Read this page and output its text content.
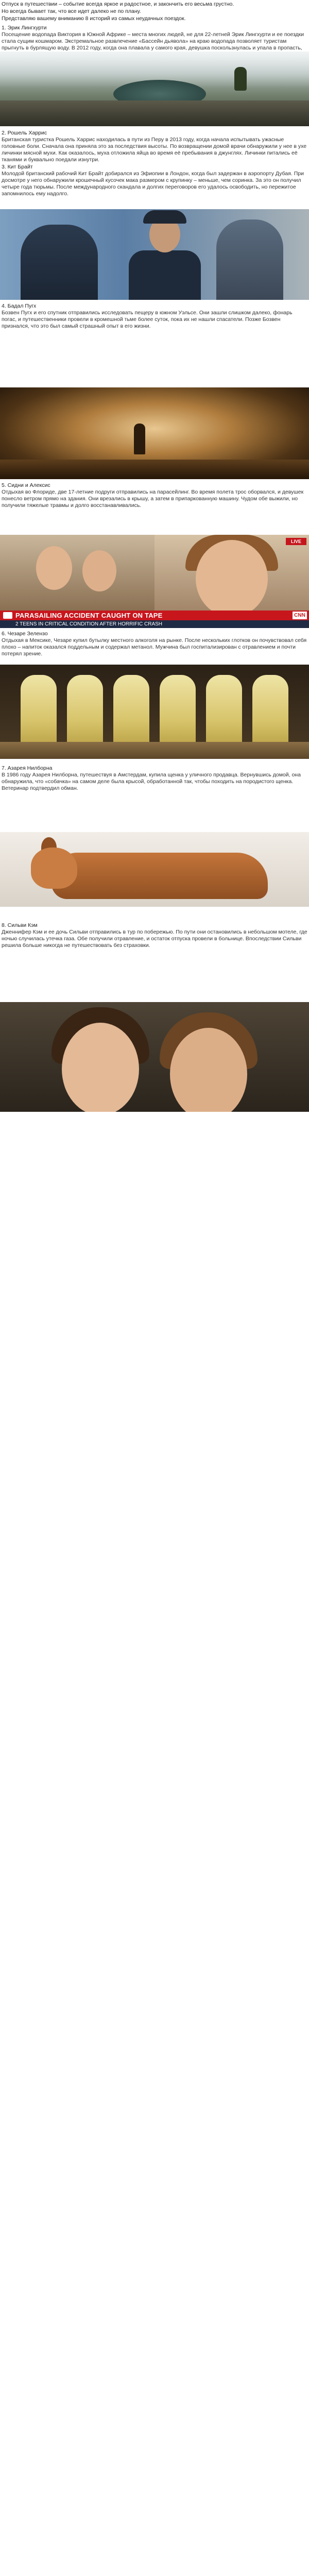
Отпуск в путешествии – событие всегда яркое и радостное, и закончить его весьма грустно.

Но всегда бывает так, что все идет далеко не по плану.

Представляю вашему вниманию 8 историй из самых неудачных поездок.

1. Эрик Лингхурти
Посещение водопада Виктория в Южной Африке – места многих людей, не для 22-летней Эрик Лингхурти и ее поездки стала сущим кошмаром. Экстремальное развлечение «Бассейн дьявола» на краю водопада позволяет туристам прыгнуть в бурлящую воду. В 2012 году, когда она плавала у самого края, девушка поскользнулась и упала в пропасть,
2. Рошель Харрис
Британская туристка Рошель Харрис находилась в пути из Перу в 2013 году, когда начала испытывать ужасные головные боли. Сначала она приняла это за последствия высоты. По возвращении домой врачи обнаружили у нее в ухе личинки мясной мухи. Как оказалось, муха отложила яйца во время её пребывания в джунглях. Личинки питались её тканями и буквально поедали изнутри.
3. Кит Брайт
Молодой британский рабочий Кит Брайт добирался из Эфиопии в Лондон, когда был задержан в аэропорту Дубая. При досмотре у него обнаружили крошечный кусочек мака размером с крупинку – меньше, чем соринка. За это он получил четыре года тюрьмы. После международного скандала и долгих переговоров его удалось освободить, но пережитое запомнилось ему надолго.
4. Бадал Пугх
Бозвен Пугх и его спутник отправились исследовать пещеру в южном Уэльсе. Они зашли слишком далеко, фонарь погас, и путешественники провели в кромешной тьме более суток, пока их не нашли спасатели. Позже Бозвен признался, что это был самый страшный опыт в его жизни.
5. Сидни и Алексис
Отдыхая во Флориде, две 17-летние подруги отправились на парасейлинг. Во время полета трос оборвался, и девушек понесло ветром прямо на здания. Они врезались в крышу, а затем в припаркованную машину. Чудом обе выжили, но получили тяжелые травмы и долго восстанавливались.
LIVE
PARASAILING ACCIDENT CAUGHT ON TAPE	CNN
2 TEENS IN CRITICAL CONDITION AFTER HORRIFIC CRASH
6. Чезаре Зелензо
Отдыхая в Мексике, Чезаре купил бутылку местного алкоголя на рынке. После нескольких глотков он почувствовал себя плохо – напиток оказался поддельным и содержал метанол. Мужчина был госпитализирован с отравлением и почти потерял зрение.
7. Азарея Нилборна
В 1986 году Азарея Нилборна, путешествуя в Амстердам, купила щенка у уличного продавца. Вернувшись домой, она обнаружила, что «собачка» на самом деле была крысой, обработанной так, чтобы походить на породистого щенка. Ветеринар подтвердил обман.
8. Сильви Кэм
Дженнифер Кэм и ее дочь Сильви отправились в тур по побережью. По пути они остановились в небольшом мотеле, где ночью случилась утечка газа. Обе получили отравление, и остаток отпуска провели в больнице. Впоследствии Сильви решила больше никогда не путешествовать без страховки.
